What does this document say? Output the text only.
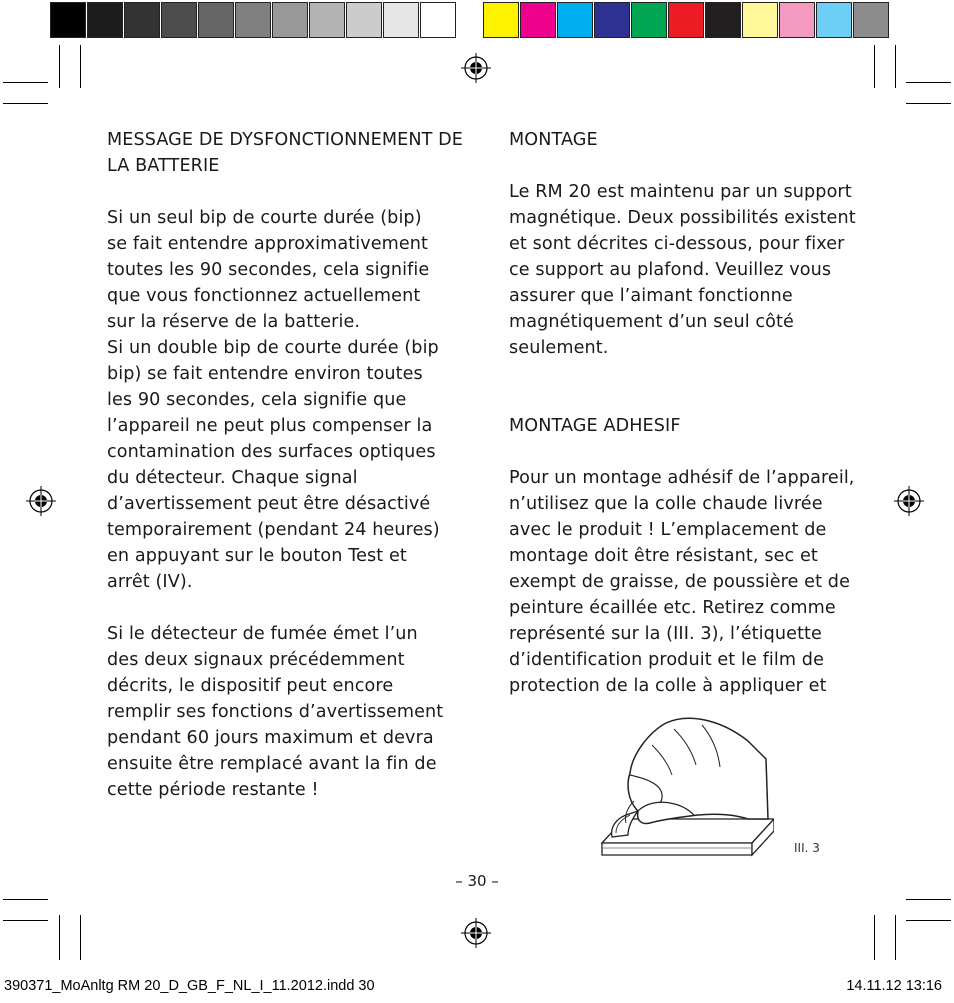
MESSAGE DE DYSFONCTIONNEMENT DE

LA BATTERIE

Si un seul bip de courte durée (bip)

se fait entendre approximativement

toutes les 90 secondes, cela signifie

que vous fonctionnez actuellement

sur la réserve de la batterie.

Si un double bip de courte durée (bip

bip) se fait entendre environ toutes

les 90 secondes, cela signifie que

l’appareil ne peut plus compenser la

contamination des surfaces optiques

du détecteur. Chaque signal

d’avertissement peut être désactivé

temporairement (pendant 24 heures)

en appuyant sur le bouton Test et

arrêt (IV).

Si le détecteur de fumée émet l’un

des deux signaux précédemment

décrits, le dispositif peut encore

remplir ses fonctions d’avertissement

pendant 60 jours maximum et devra

ensuite être remplacé avant la fin de

cette période restante !

MONTAGE

Le RM 20 est maintenu par un support

magnétique. Deux possibilités existent

et sont décrites ci-dessous, pour fixer

ce support au plafond. Veuillez vous

assurer que l’aimant fonctionne

magnétiquement d’un seul côté

seulement.

MONTAGE ADHESIF

Pour un montage adhésif de l’appareil,

n’utilisez que la colle chaude livrée

avec le produit ! L’emplacement de

montage doit être résistant, sec et

exempt de graisse, de poussière et de

peinture écaillée etc. Retirez comme

représenté sur la (III. 3), l’étiquette

d’identification produit et le film de

protection de la colle à appliquer et

III. 3
– 30 –
390371_MoAnltg RM 20_D_GB_F_NL_I_11.2012.indd 30	14.11.12 13:16
